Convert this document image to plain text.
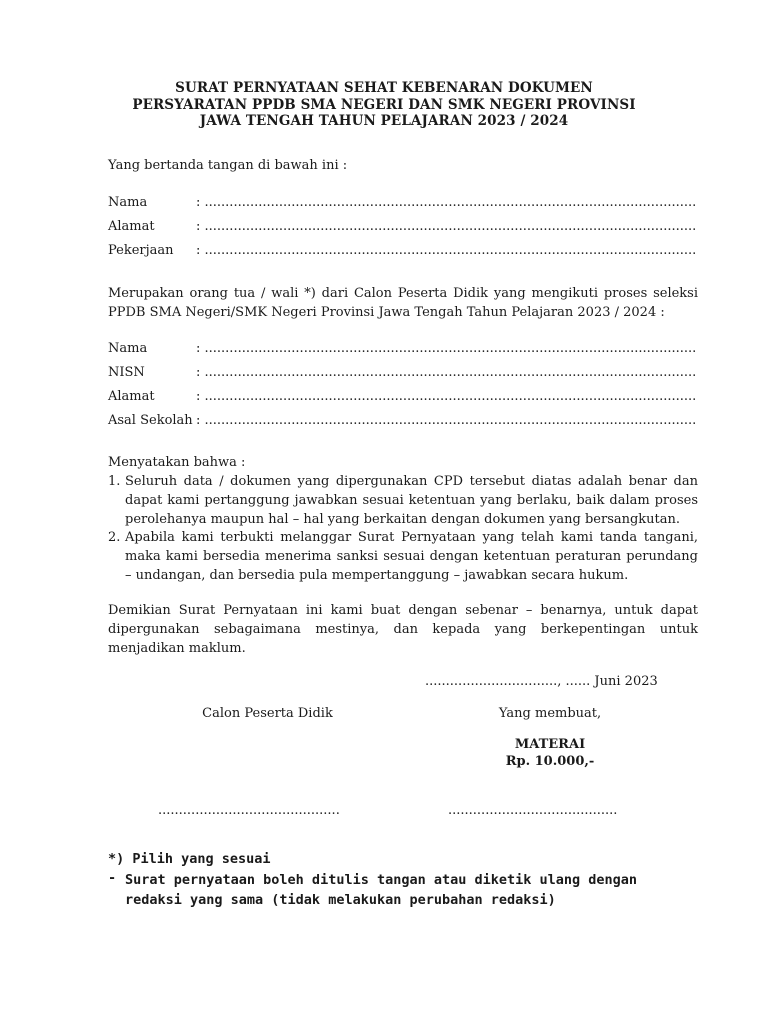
SURAT PERNYATAAN SEHAT KEBENARAN DOKUMEN
PERSYARATAN PPDB SMA NEGERI DAN SMK NEGERI PROVINSI
JAWA TENGAH TAHUN PELAJARAN 2023 / 2024
Yang bertanda tangan di bawah ini :
Nama	: .......................................................................................................................
Alamat	: .......................................................................................................................
Pekerjaan : .......................................................................................................................
Merupakan orang tua / wali *) dari Calon Peserta Didik yang mengikuti proses seleksi PPDB SMA Negeri/SMK Negeri Provinsi Jawa Tengah Tahun Pelajaran 2023 / 2024 :
Nama	: .......................................................................................................................
NISN	: .......................................................................................................................
Alamat	: .......................................................................................................................
Asal Sekolah : .......................................................................................................................
Menyatakan bahwa :
1. Seluruh data / dokumen yang dipergunakan CPD tersebut diatas adalah benar dan dapat kami pertanggung jawabkan sesuai ketentuan yang berlaku, baik dalam proses perolehanya maupun hal – hal yang berkaitan dengan dokumen yang bersangkutan.
2. Apabila kami terbukti melanggar Surat Pernyataan yang telah kami tanda tangani, maka kami bersedia menerima sanksi sesuai dengan ketentuan peraturan perundang – undangan, dan bersedia pula mempertanggung – jawabkan secara hukum.
Demikian Surat Pernyataan ini kami buat dengan sebenar – benarnya, untuk dapat dipergunakan sebagaimana mestinya, dan kepada yang berkepentingan untuk menjadikan maklum.
................................, ...... Juni 2023
Calon Peserta Didik	Yang membuat,
MATERAI
Rp. 10.000,-
............................................	.........................................
*) Pilih yang sesuai
- Surat pernyataan boleh ditulis tangan atau diketik ulang dengan redaksi yang sama (tidak melakukan perubahan redaksi)
